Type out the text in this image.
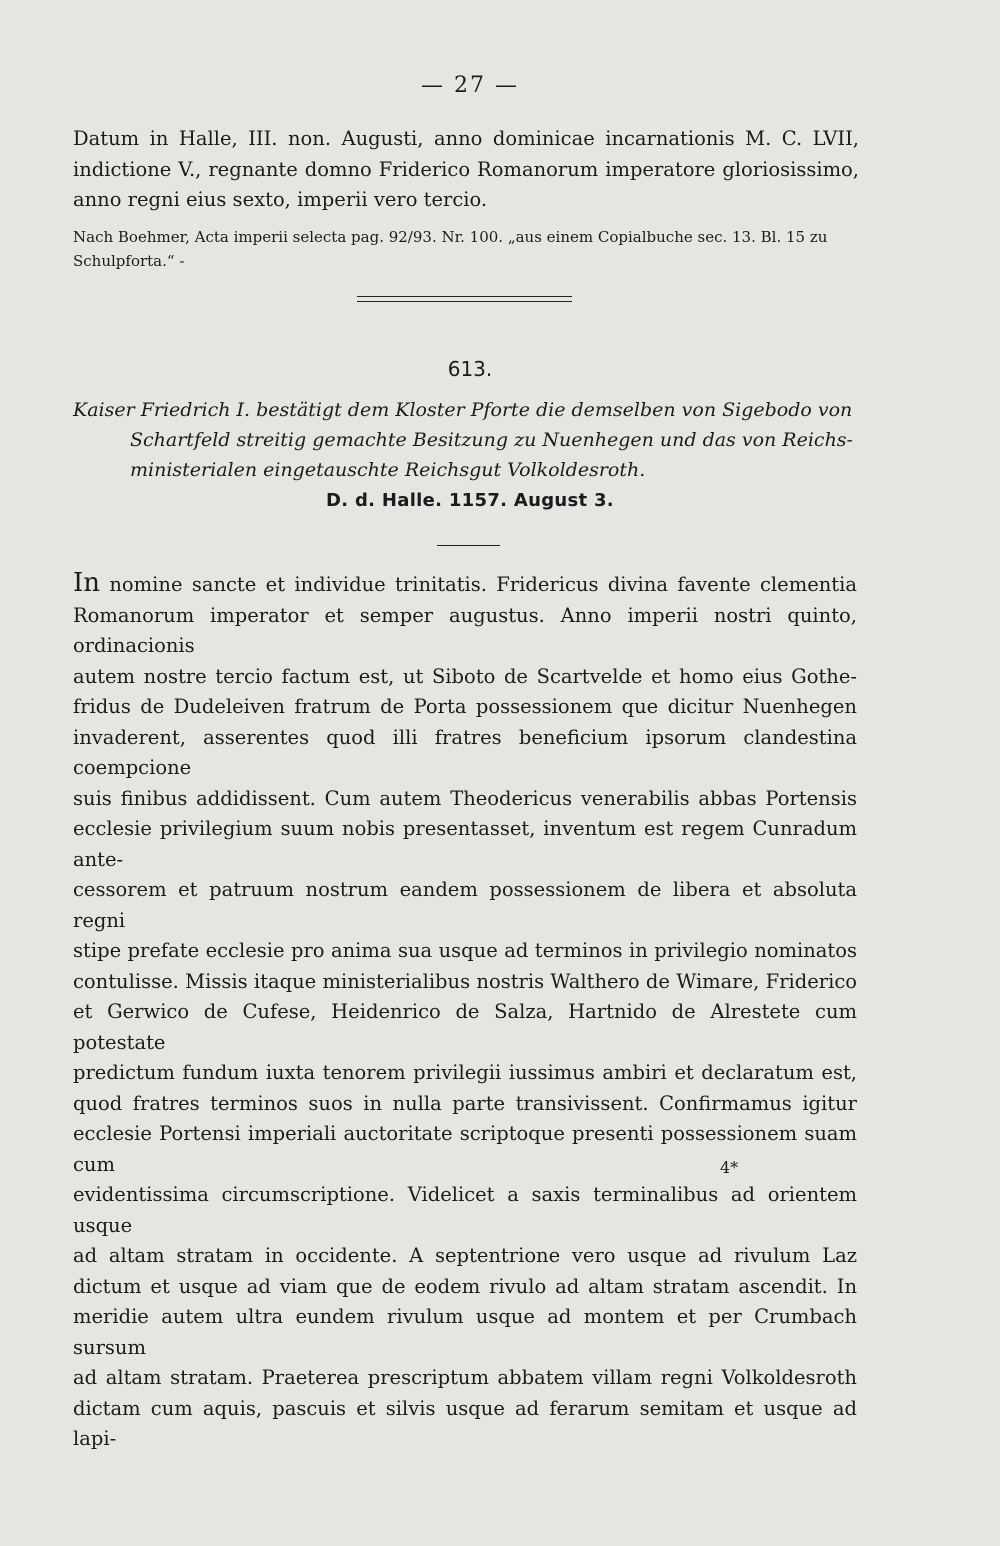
— 27 —

Datum in Halle, III. non. Augusti, anno dominicae incarnationis M. C. LVII, indictione V., regnante domno Friderico Romanorum imperatore gloriosissimo, anno regni eius sexto, imperii vero tercio.

Nach Boehmer, Acta imperii selecta pag. 92/93. Nr. 100. „aus einem Copialbuche sec. 13. Bl. 15 zu Schulpforta.“ -

613.

Kaiser Friedrich I. bestätigt dem Kloster Pforte die demselben von Sigebodo von
Schartfeld streitig gemachte Besitzung zu Nuenhegen und das von Reichs-
ministerialen eingetauschte Reichsgut Volkoldesroth.

D. d. Halle. 1157. August 3.

In nomine sancte et individue trinitatis. Fridericus divina favente clementia

Romanorum imperator et semper augustus. Anno imperii nostri quinto, ordinacionis

autem nostre tercio factum est, ut Siboto de Scartvelde et homo eius Gothe-

fridus de Dudeleiven fratrum de Porta possessionem que dicitur Nuenhegen

invaderent, asserentes quod illi fratres beneficium ipsorum clandestina coempcione

suis finibus addidissent. Cum autem Theodericus venerabilis abbas Portensis

ecclesie privilegium suum nobis presentasset, inventum est regem Cunradum ante-

cessorem et patruum nostrum eandem possessionem de libera et absoluta regni

stipe prefate ecclesie pro anima sua usque ad terminos in privilegio nominatos

contulisse. Missis itaque ministerialibus nostris Walthero de Wimare, Friderico

et Gerwico de Cufese, Heidenrico de Salza, Hartnido de Alrestete cum potestate

predictum fundum iuxta tenorem privilegii iussimus ambiri et declaratum est,

quod fratres terminos suos in nulla parte transivissent. Confirmamus igitur

ecclesie Portensi imperiali auctoritate scriptoque presenti possessionem suam cum

evidentissima circumscriptione. Videlicet a saxis terminalibus ad orientem usque

ad altam stratam in occidente. A septentrione vero usque ad rivulum Laz

dictum et usque ad viam que de eodem rivulo ad altam stratam ascendit. In

meridie autem ultra eundem rivulum usque ad montem et per Crumbach sursum

ad altam stratam. Praeterea prescriptum abbatem villam regni Volkoldesroth

dictam cum aquis, pascuis et silvis usque ad ferarum semitam et usque ad lapi-

4*
